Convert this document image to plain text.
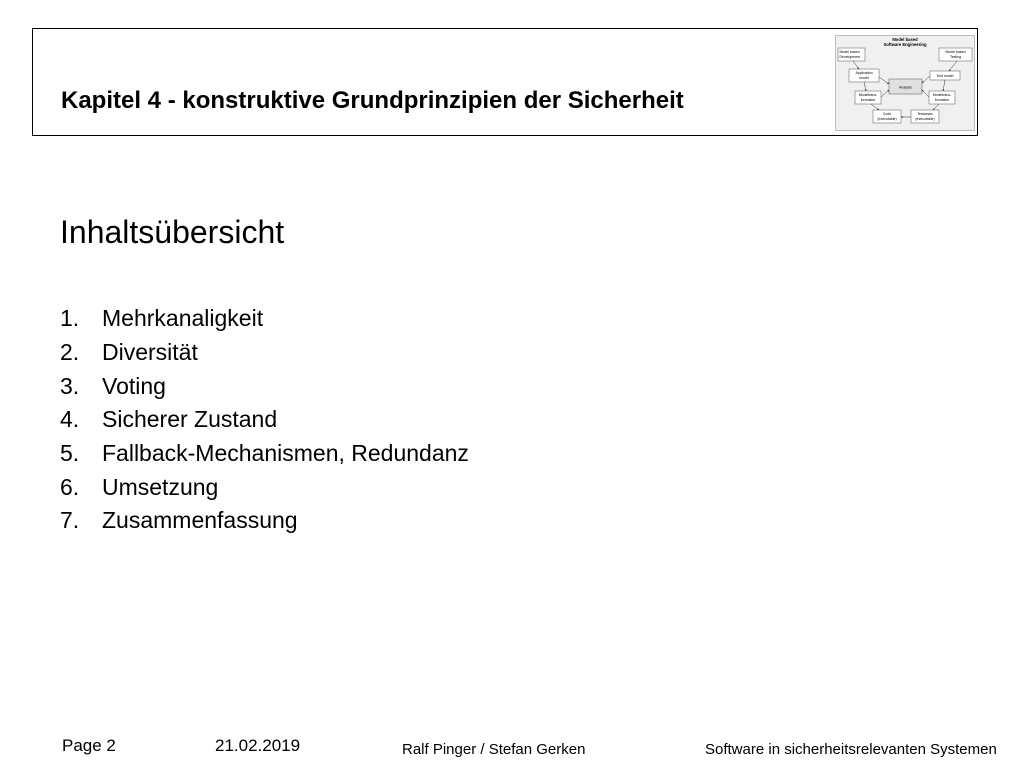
Kapitel 4 - konstruktive Grundprinzipien der Sicherheit
Model based
Software Engineering
Model based
Development
Model based
Testing
Application
model	Test model
Analysis
Modeltrans-
formation
Modeltrans-
formation
Code
(executable)
Testcases
(executable)
Inhaltsübersicht
1. Mehrkanaligkeit
2. Diversität
3. Voting
4. Sicherer Zustand
5. Fallback-Mechanismen, Redundanz
6. Umsetzung
7. Zusammenfassung
Page 2	21.02.2019	Ralf Pinger / Stefan Gerken	Software in sicherheitsrelevanten Systemen
